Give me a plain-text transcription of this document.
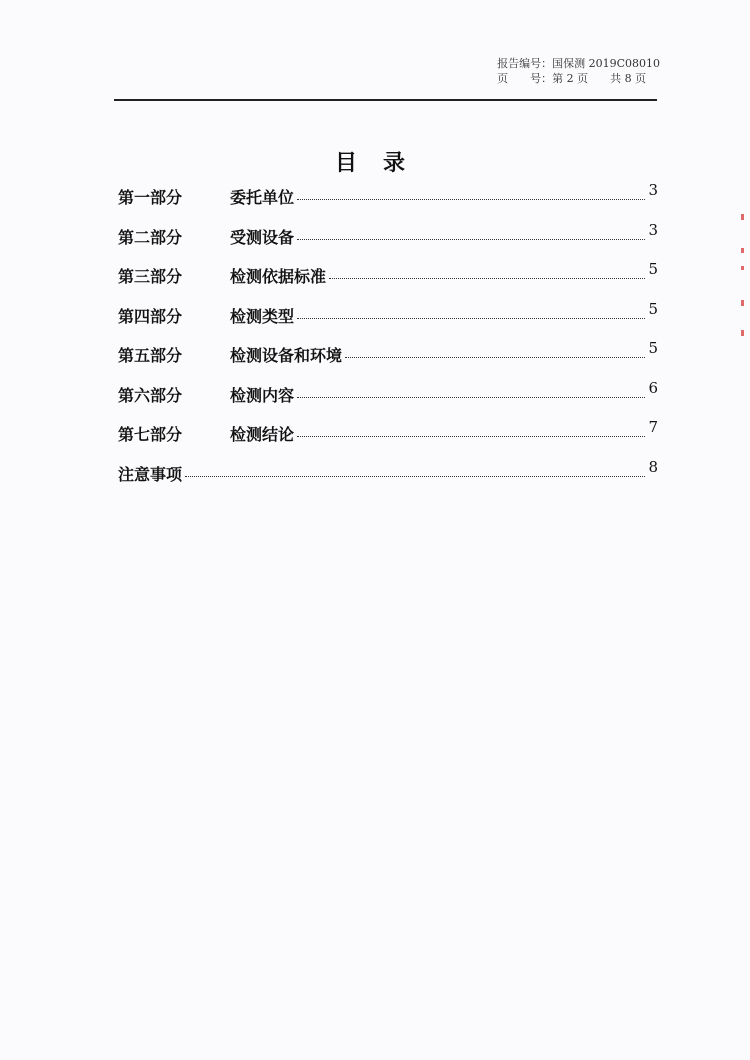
报告编号：国保测 2019C08010
页　　号：第 2 页　　共 8 页
目录
第一部分	委托单位	3
第二部分	受测设备	3
第三部分	检测依据标准	5
第四部分	检测类型	5
第五部分	检测设备和环境	5
第六部分	检测内容	6
第七部分	检测结论	7
注意事项	8
